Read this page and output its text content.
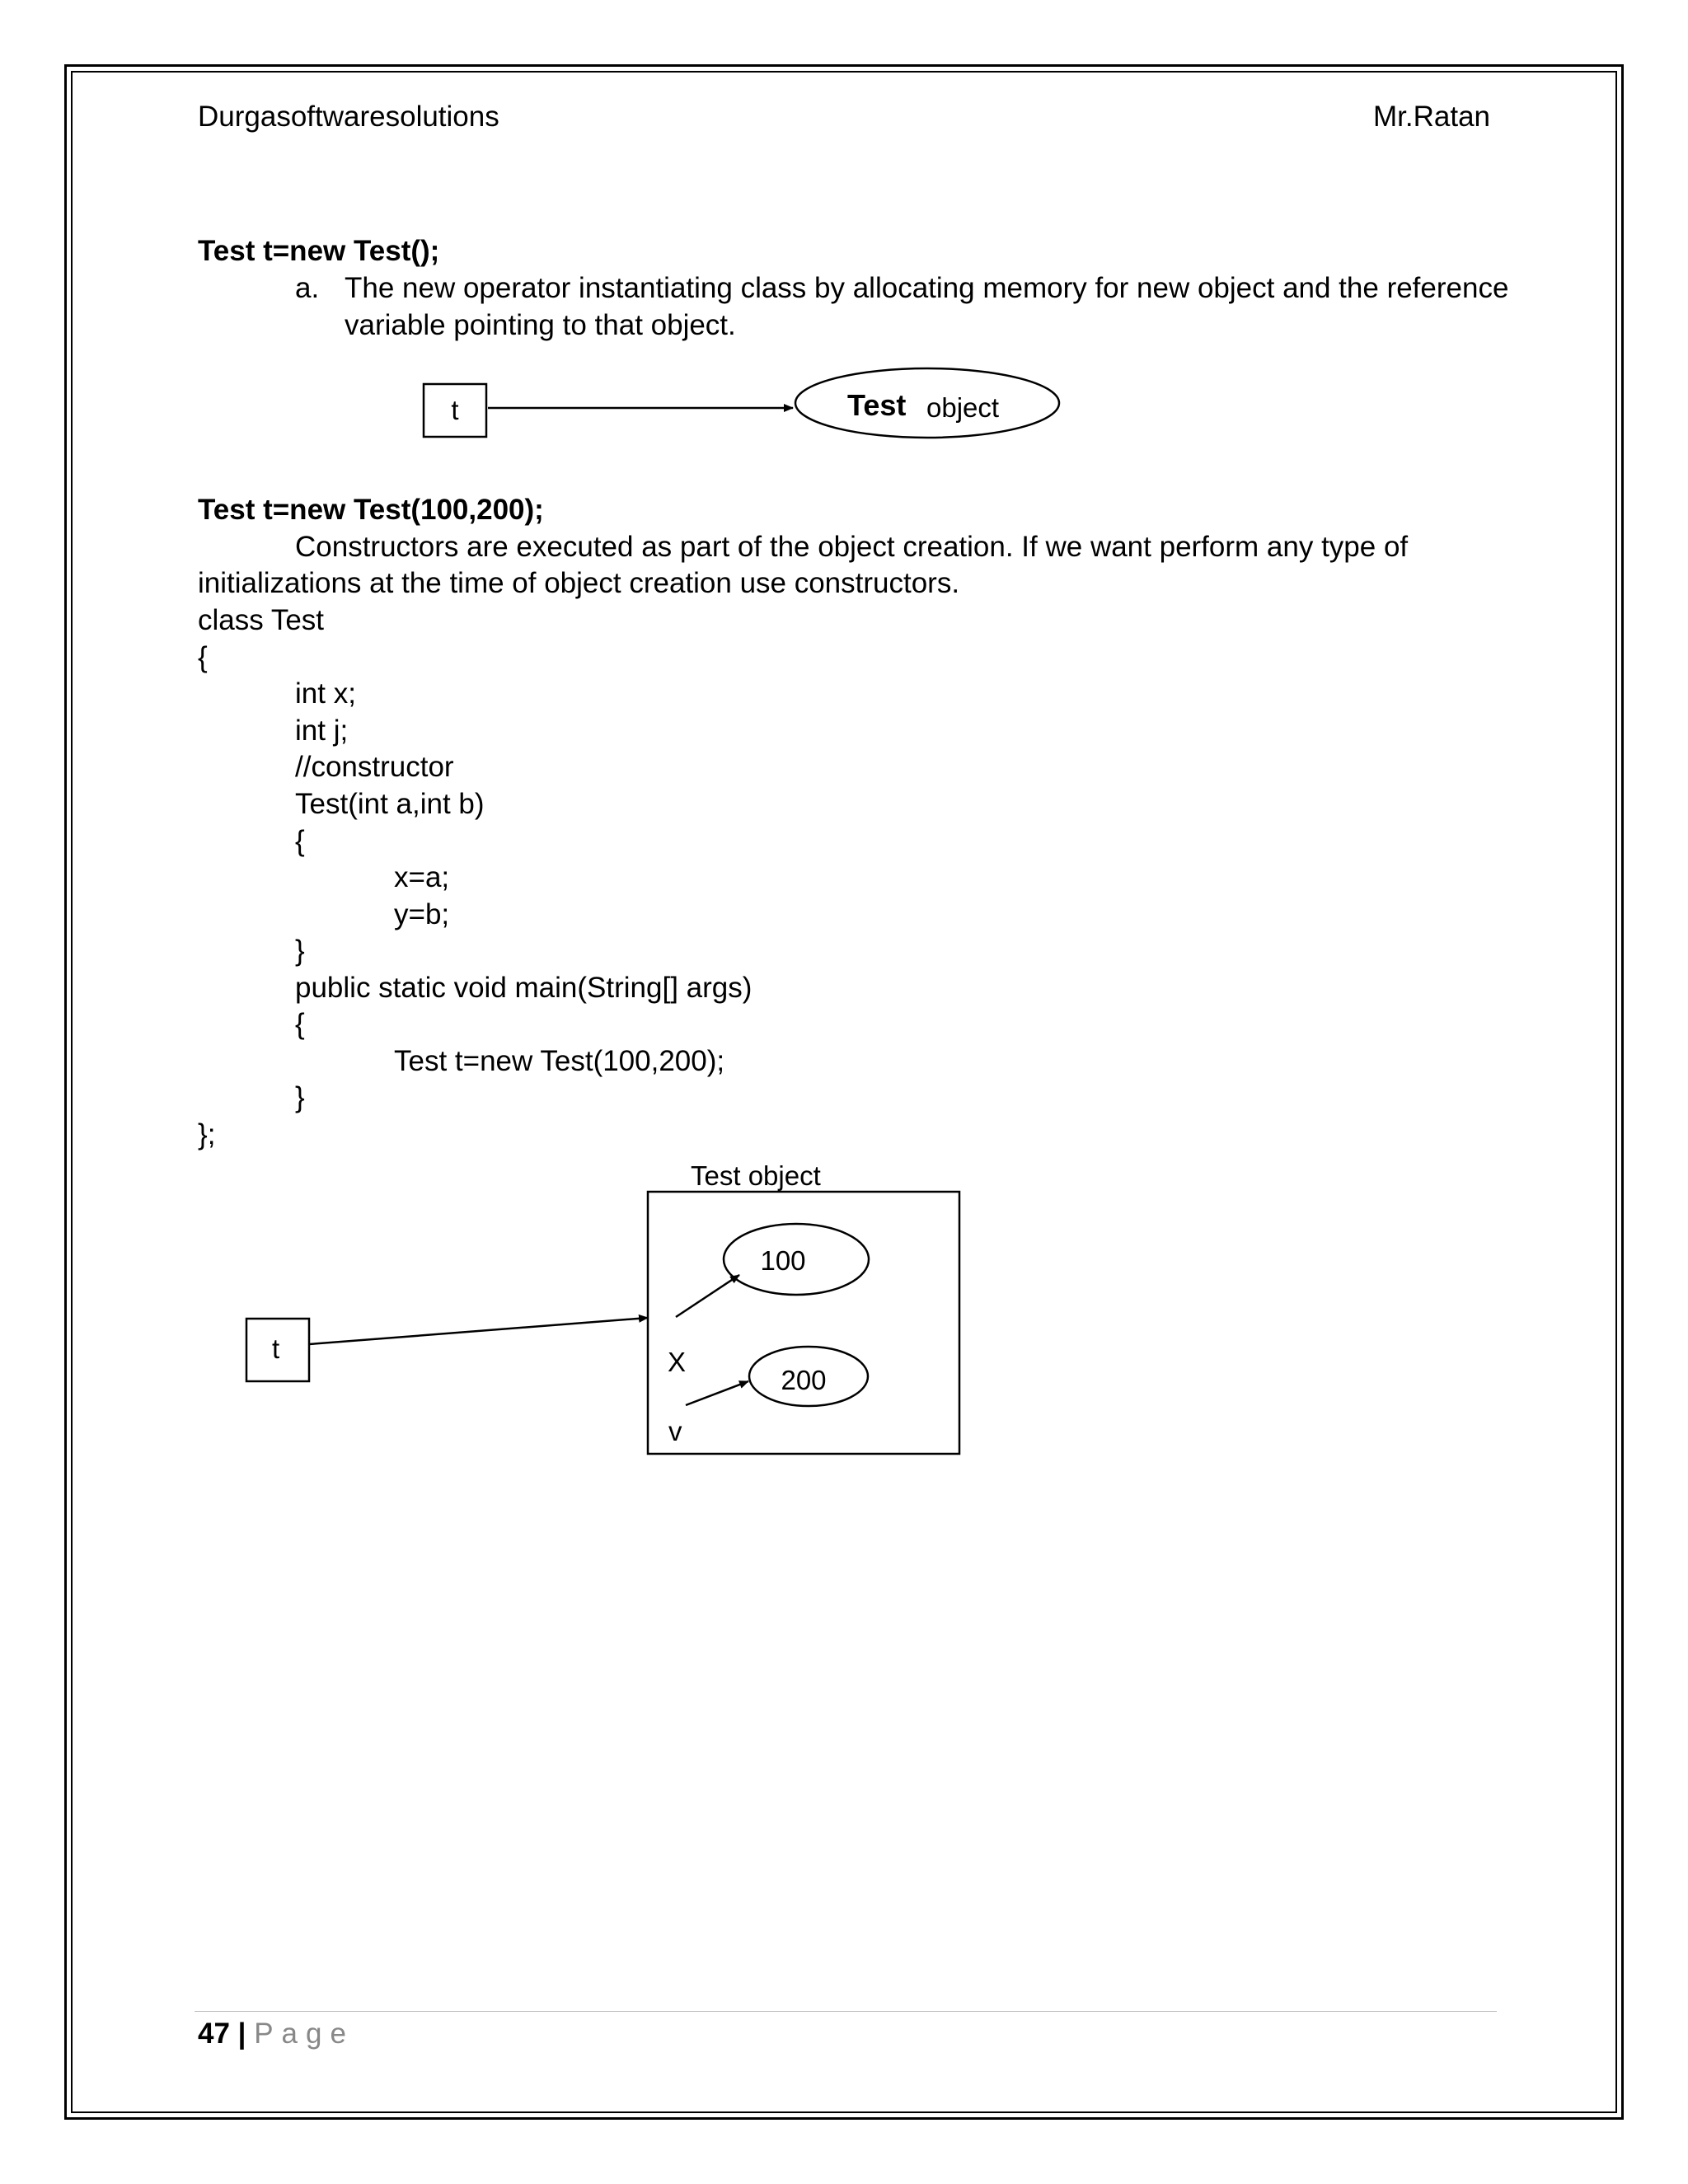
Durgasoftwaresolutions	Mr.Ratan
Test t=new Test();
a. The new operator instantiating class by allocating memory for new object and the reference
variable pointing to that object.
t	Test object
Test t=new Test(100,200);
Constructors are executed as part of the object creation. If we want perform any type of
initializations at the time of object creation use constructors.
class Test
{
int x;
int j;
//constructor
Test(int a,int b)
{
x=a;
y=b;
}
public static void main(String[] args)
{
Test t=new Test(100,200);
}
};
Test object
t
100
200
X
v
47 | Page
